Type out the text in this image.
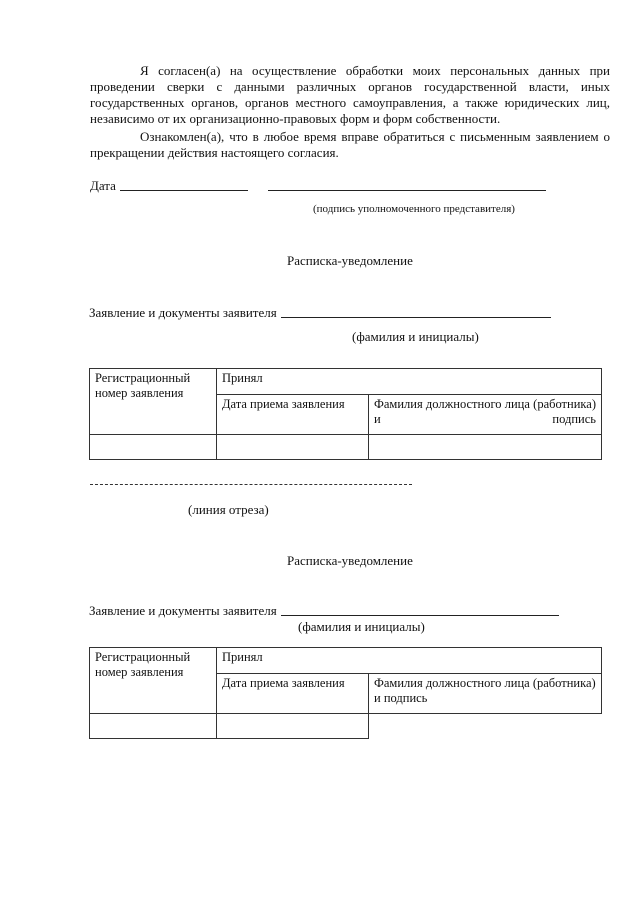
Я согласен(а) на осуществление обработки моих персональных данных при проведении сверки с данными различных органов государственной власти, иных государственных органов, органов местного самоуправления, а также юридических лиц, независимо от их организационно-правовых форм и форм собственности.
Ознакомлен(а), что в любое время вправе обратиться с письменным заявлением о прекращении действия настоящего согласия.
Дата
(подпись уполномоченного представителя)
Расписка-уведомление
Заявление и документы заявителя
(фамилия и инициалы)
Регистрационный номер заявления	Принял	
	Дата приема заявления	Фамилия должностного лица (работника) и подпись

(линия отреза)
Расписка-уведомление
Заявление и документы заявителя
(фамилия и инициалы)
Регистрационный номер заявления	Принял	
	Дата приема заявления	Фамилия должностного лица (работника) и подпись
